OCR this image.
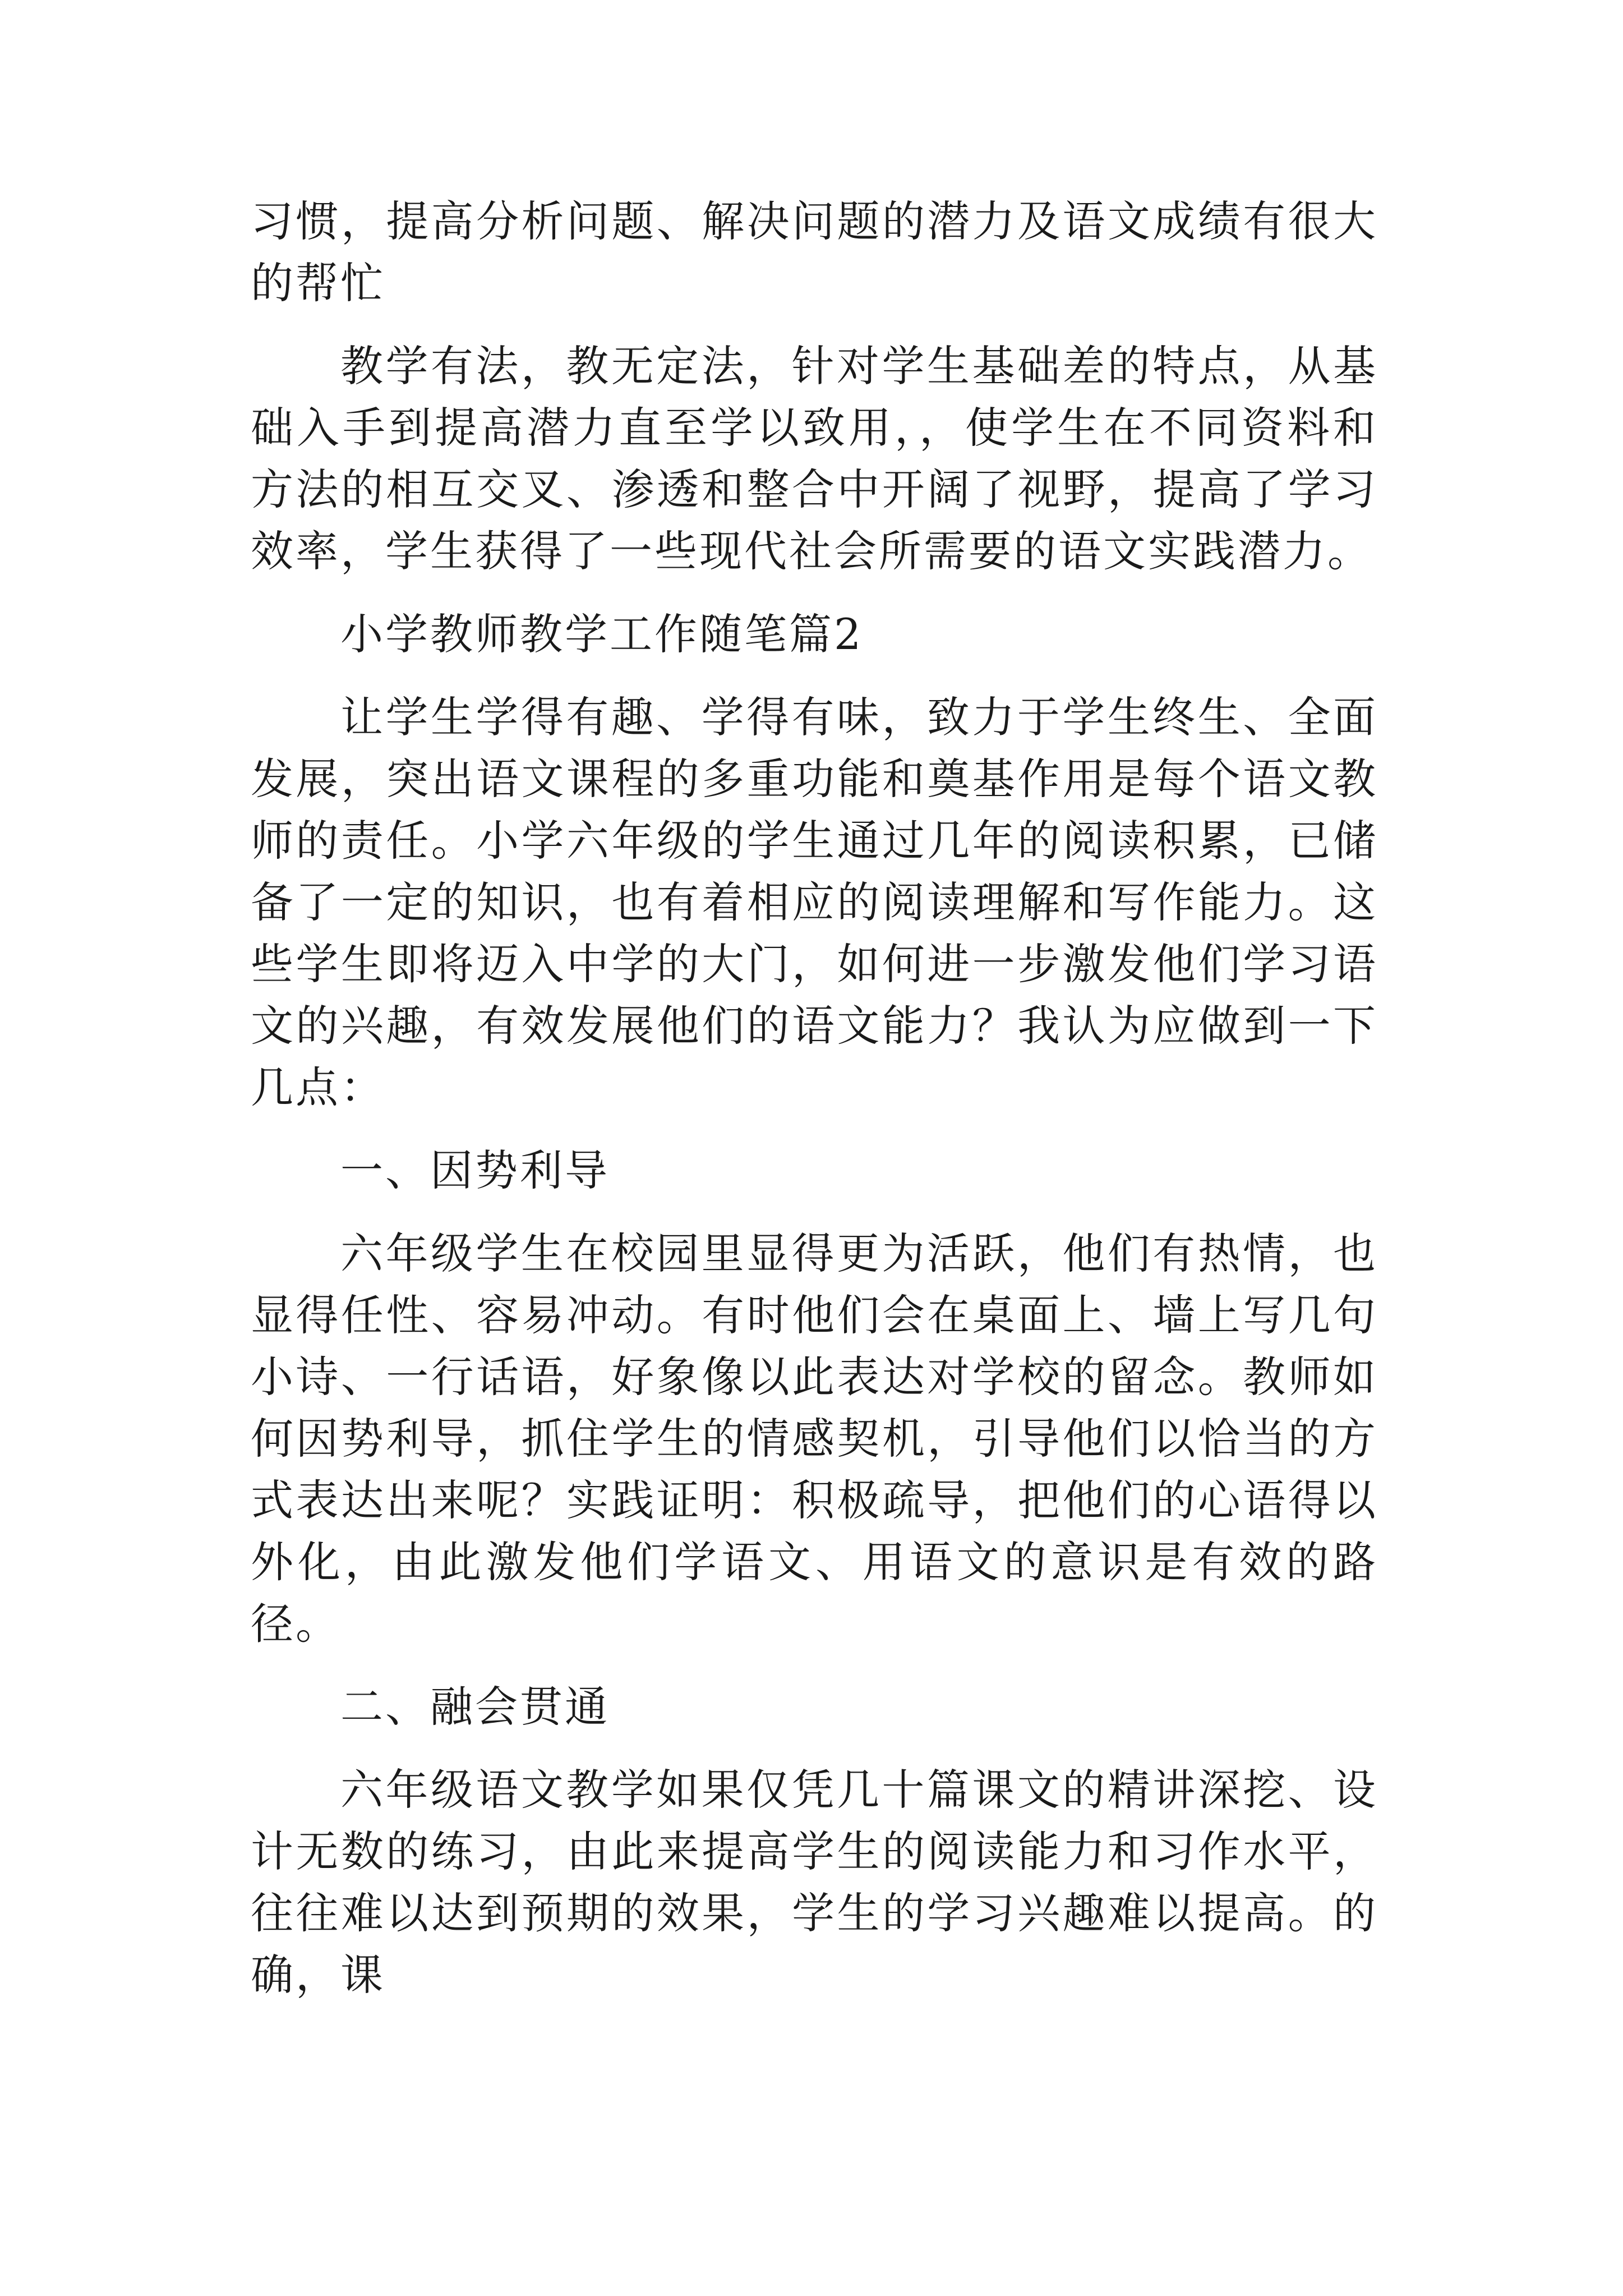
习惯，提高分析问题、解决问题的潜力及语文成绩有很大的帮忙

教学有法，教无定法，针对学生基础差的特点，从基础入手到提高潜力直至学以致用，，使学生在不同资料和方法的相互交叉、渗透和整合中开阔了视野，提高了学习效率，学生获得了一些现代社会所需要的语文实践潜力。

小学教师教学工作随笔篇2

让学生学得有趣、学得有味，致力于学生终生、全面发展，突出语文课程的多重功能和奠基作用是每个语文教师的责任。小学六年级的学生通过几年的阅读积累，已储备了一定的知识，也有着相应的阅读理解和写作能力。这些学生即将迈入中学的大门，如何进一步激发他们学习语文的兴趣，有效发展他们的语文能力？我认为应做到一下几点：

一、因势利导

六年级学生在校园里显得更为活跃，他们有热情，也显得任性、容易冲动。有时他们会在桌面上、墙上写几句小诗、一行话语，好象像以此表达对学校的留念。教师如何因势利导，抓住学生的情感契机，引导他们以恰当的方式表达出来呢？实践证明：积极疏导，把他们的心语得以外化，由此激发他们学语文、用语文的意识是有效的路径。

二、融会贯通

六年级语文教学如果仅凭几十篇课文的精讲深挖、设计无数的练习，由此来提高学生的阅读能力和习作水平，往往难以达到预期的效果，学生的学习兴趣难以提高。的确，课
